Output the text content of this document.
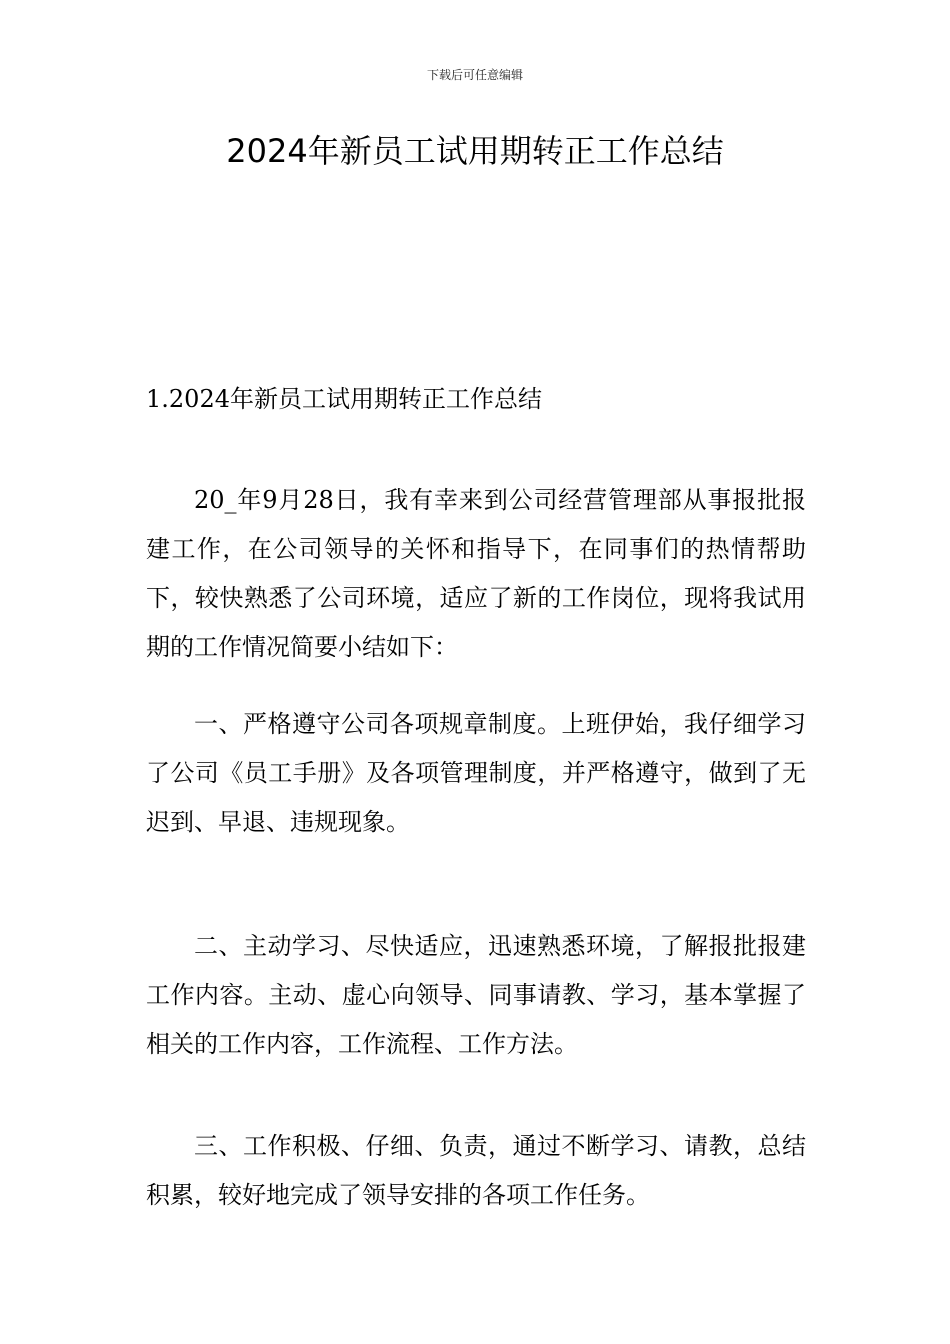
下载后可任意编辑
2024年新员工试用期转正工作总结
1.2024年新员工试用期转正工作总结

20_年9月28日，我有幸来到公司经营管理部从事报批报建工作，在公司领导的关怀和指导下，在同事们的热情帮助下，较快熟悉了公司环境，适应了新的工作岗位，现将我试用期的工作情况简要小结如下：

一、严格遵守公司各项规章制度。上班伊始，我仔细学习了公司《员工手册》及各项管理制度，并严格遵守，做到了无迟到、早退、违规现象。

二、主动学习、尽快适应，迅速熟悉环境，了解报批报建工作内容。主动、虚心向领导、同事请教、学习，基本掌握了相关的工作内容，工作流程、工作方法。

三、工作积极、仔细、负责，通过不断学习、请教，总结积累，较好地完成了领导安排的各项工作任务。
